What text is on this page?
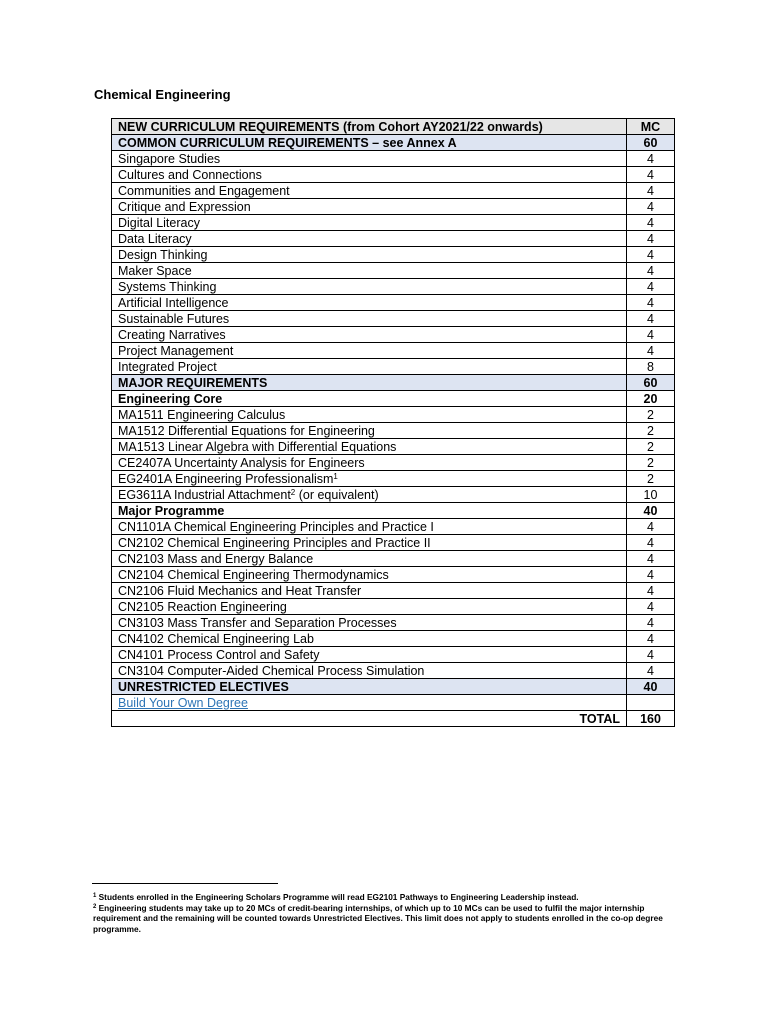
Chemical Engineering
NEW CURRICULUM REQUIREMENTS (from Cohort AY2021/22 onwards)	MC
COMMON CURRICULUM REQUIREMENTS – see Annex A	60
Singapore Studies	4
Cultures and Connections	4
Communities and Engagement	4
Critique and Expression	4
Digital Literacy	4
Data Literacy	4
Design Thinking	4
Maker Space	4
Systems Thinking	4
Artificial Intelligence	4
Sustainable Futures	4
Creating Narratives	4
Project Management	4
Integrated Project	8
MAJOR REQUIREMENTS	60
Engineering Core	20
MA1511 Engineering Calculus	2
MA1512 Differential Equations for Engineering	2
MA1513 Linear Algebra with Differential Equations	2
CE2407A Uncertainty Analysis for Engineers	2
EG2401A Engineering Professionalism$^1$	2
EG3611A Industrial Attachment$^2$ (or equivalent)	10
Major Programme	40
CN1101A Chemical Engineering Principles and Practice I	4
CN2102 Chemical Engineering Principles and Practice II	4
CN2103 Mass and Energy Balance	4
CN2104 Chemical Engineering Thermodynamics	4
CN2106 Fluid Mechanics and Heat Transfer	4
CN2105 Reaction Engineering	4
CN3103 Mass Transfer and Separation Processes	4
CN4102 Chemical Engineering Lab	4
CN4101 Process Control and Safety	4
CN3104 Computer-Aided Chemical Process Simulation	4
UNRESTRICTED ELECTIVES	40
Build Your Own Degree	
TOTAL	160

$^1$ Students enrolled in the Engineering Scholars Programme will read EG2101 Pathways to Engineering Leadership instead.

$^2$ Engineering students may take up to 20 MCs of credit-bearing internships, of which up to 10 MCs can be used to fulfil the major internship requirement and the remaining will be counted towards Unrestricted Electives. This limit does not apply to students enrolled in the co-op degree programme.
